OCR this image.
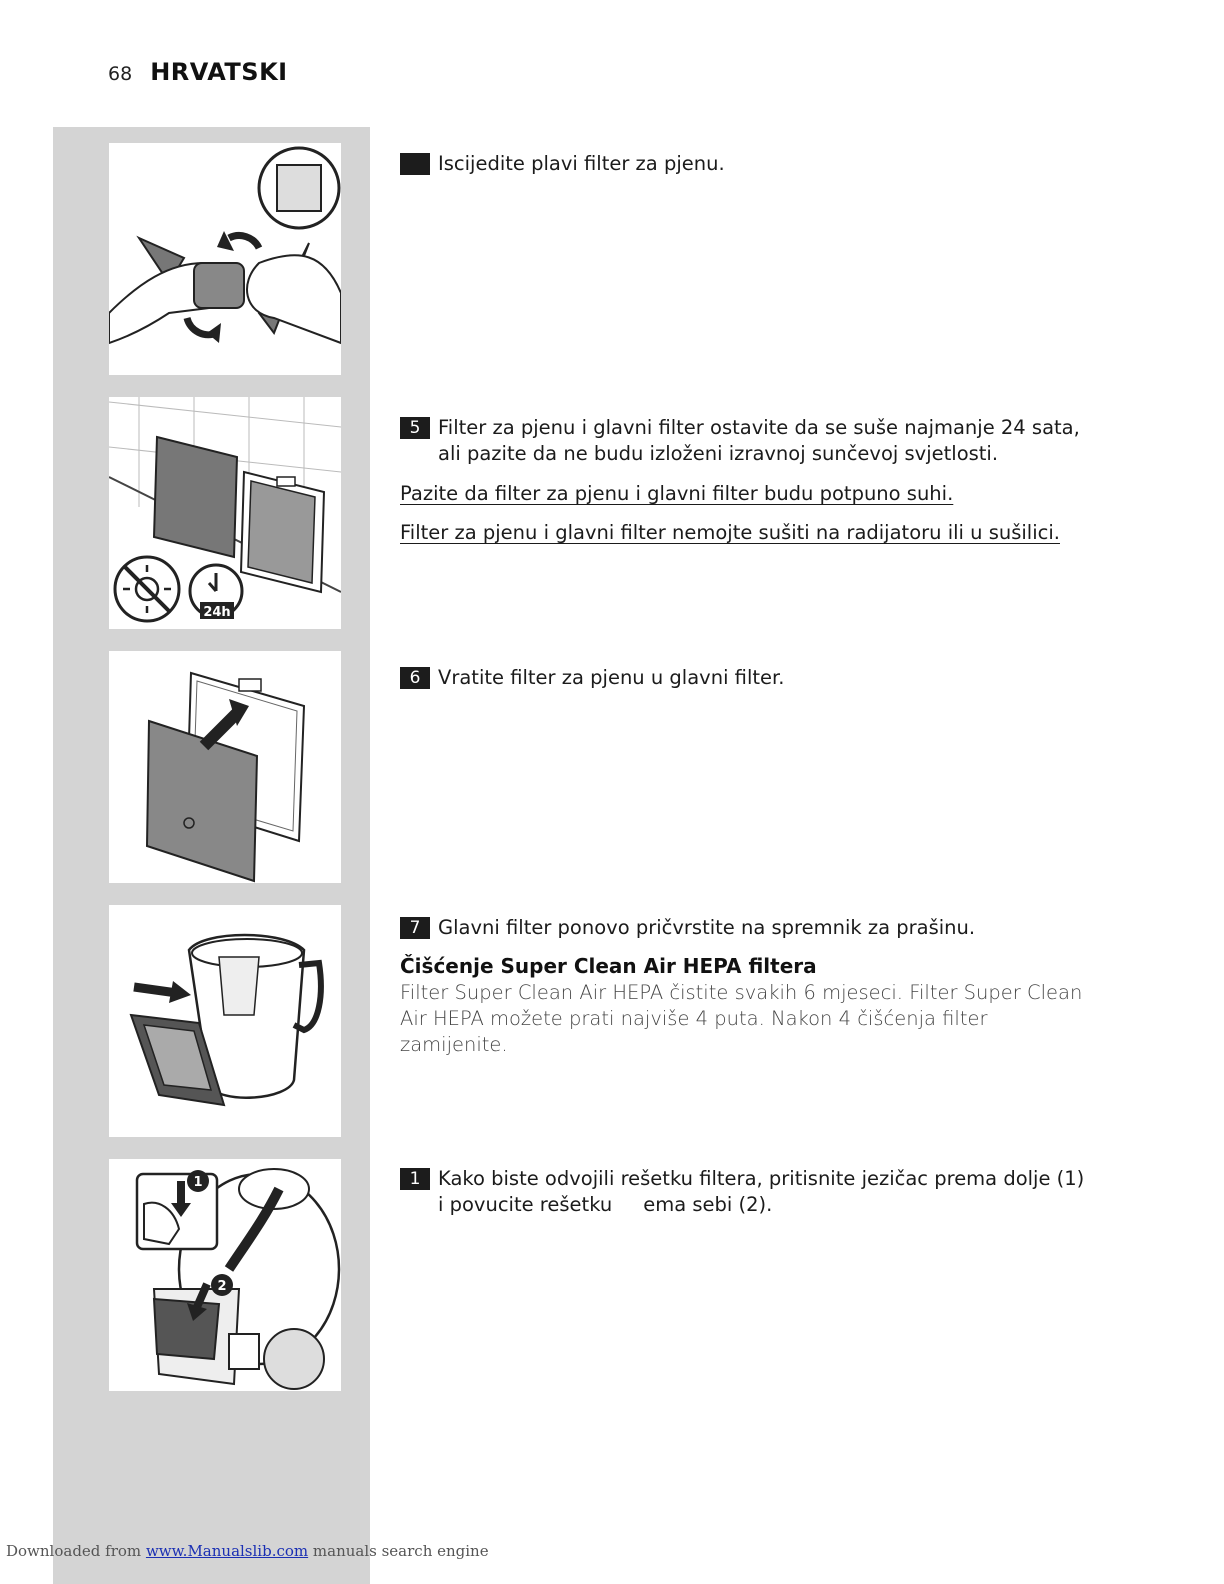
68 HRVATSKI
24h
1
2
Iscijedite plavi filter za pjenu.
5 Filter za pjenu i glavni filter ostavite da se suše najmanje 24 sata, ali pazite da ne budu izloženi izravnoj sunčevoj svjetlosti.
Pazite da filter za pjenu i glavni filter budu potpuno suhi.
Filter za pjenu i glavni filter nemojte sušiti na radijatoru ili u sušilici.
6 Vratite filter za pjenu u glavni filter.
7 Glavni filter ponovo pričvrstite na spremnik za prašinu.
Čišćenje Super Clean Air HEPA filtera
Filter Super Clean Air HEPA čistite svakih 6 mjeseci. Filter Super Clean Air HEPA možete prati najviše 4 puta. Nakon 4 čišćenja filter zamijenite.
1 Kako biste odvojili rešetku filtera, pritisnite jezičac prema dolje (1) i povucite rešetku     ema sebi (2).
Downloaded from www.Manualslib.com manuals search engine
